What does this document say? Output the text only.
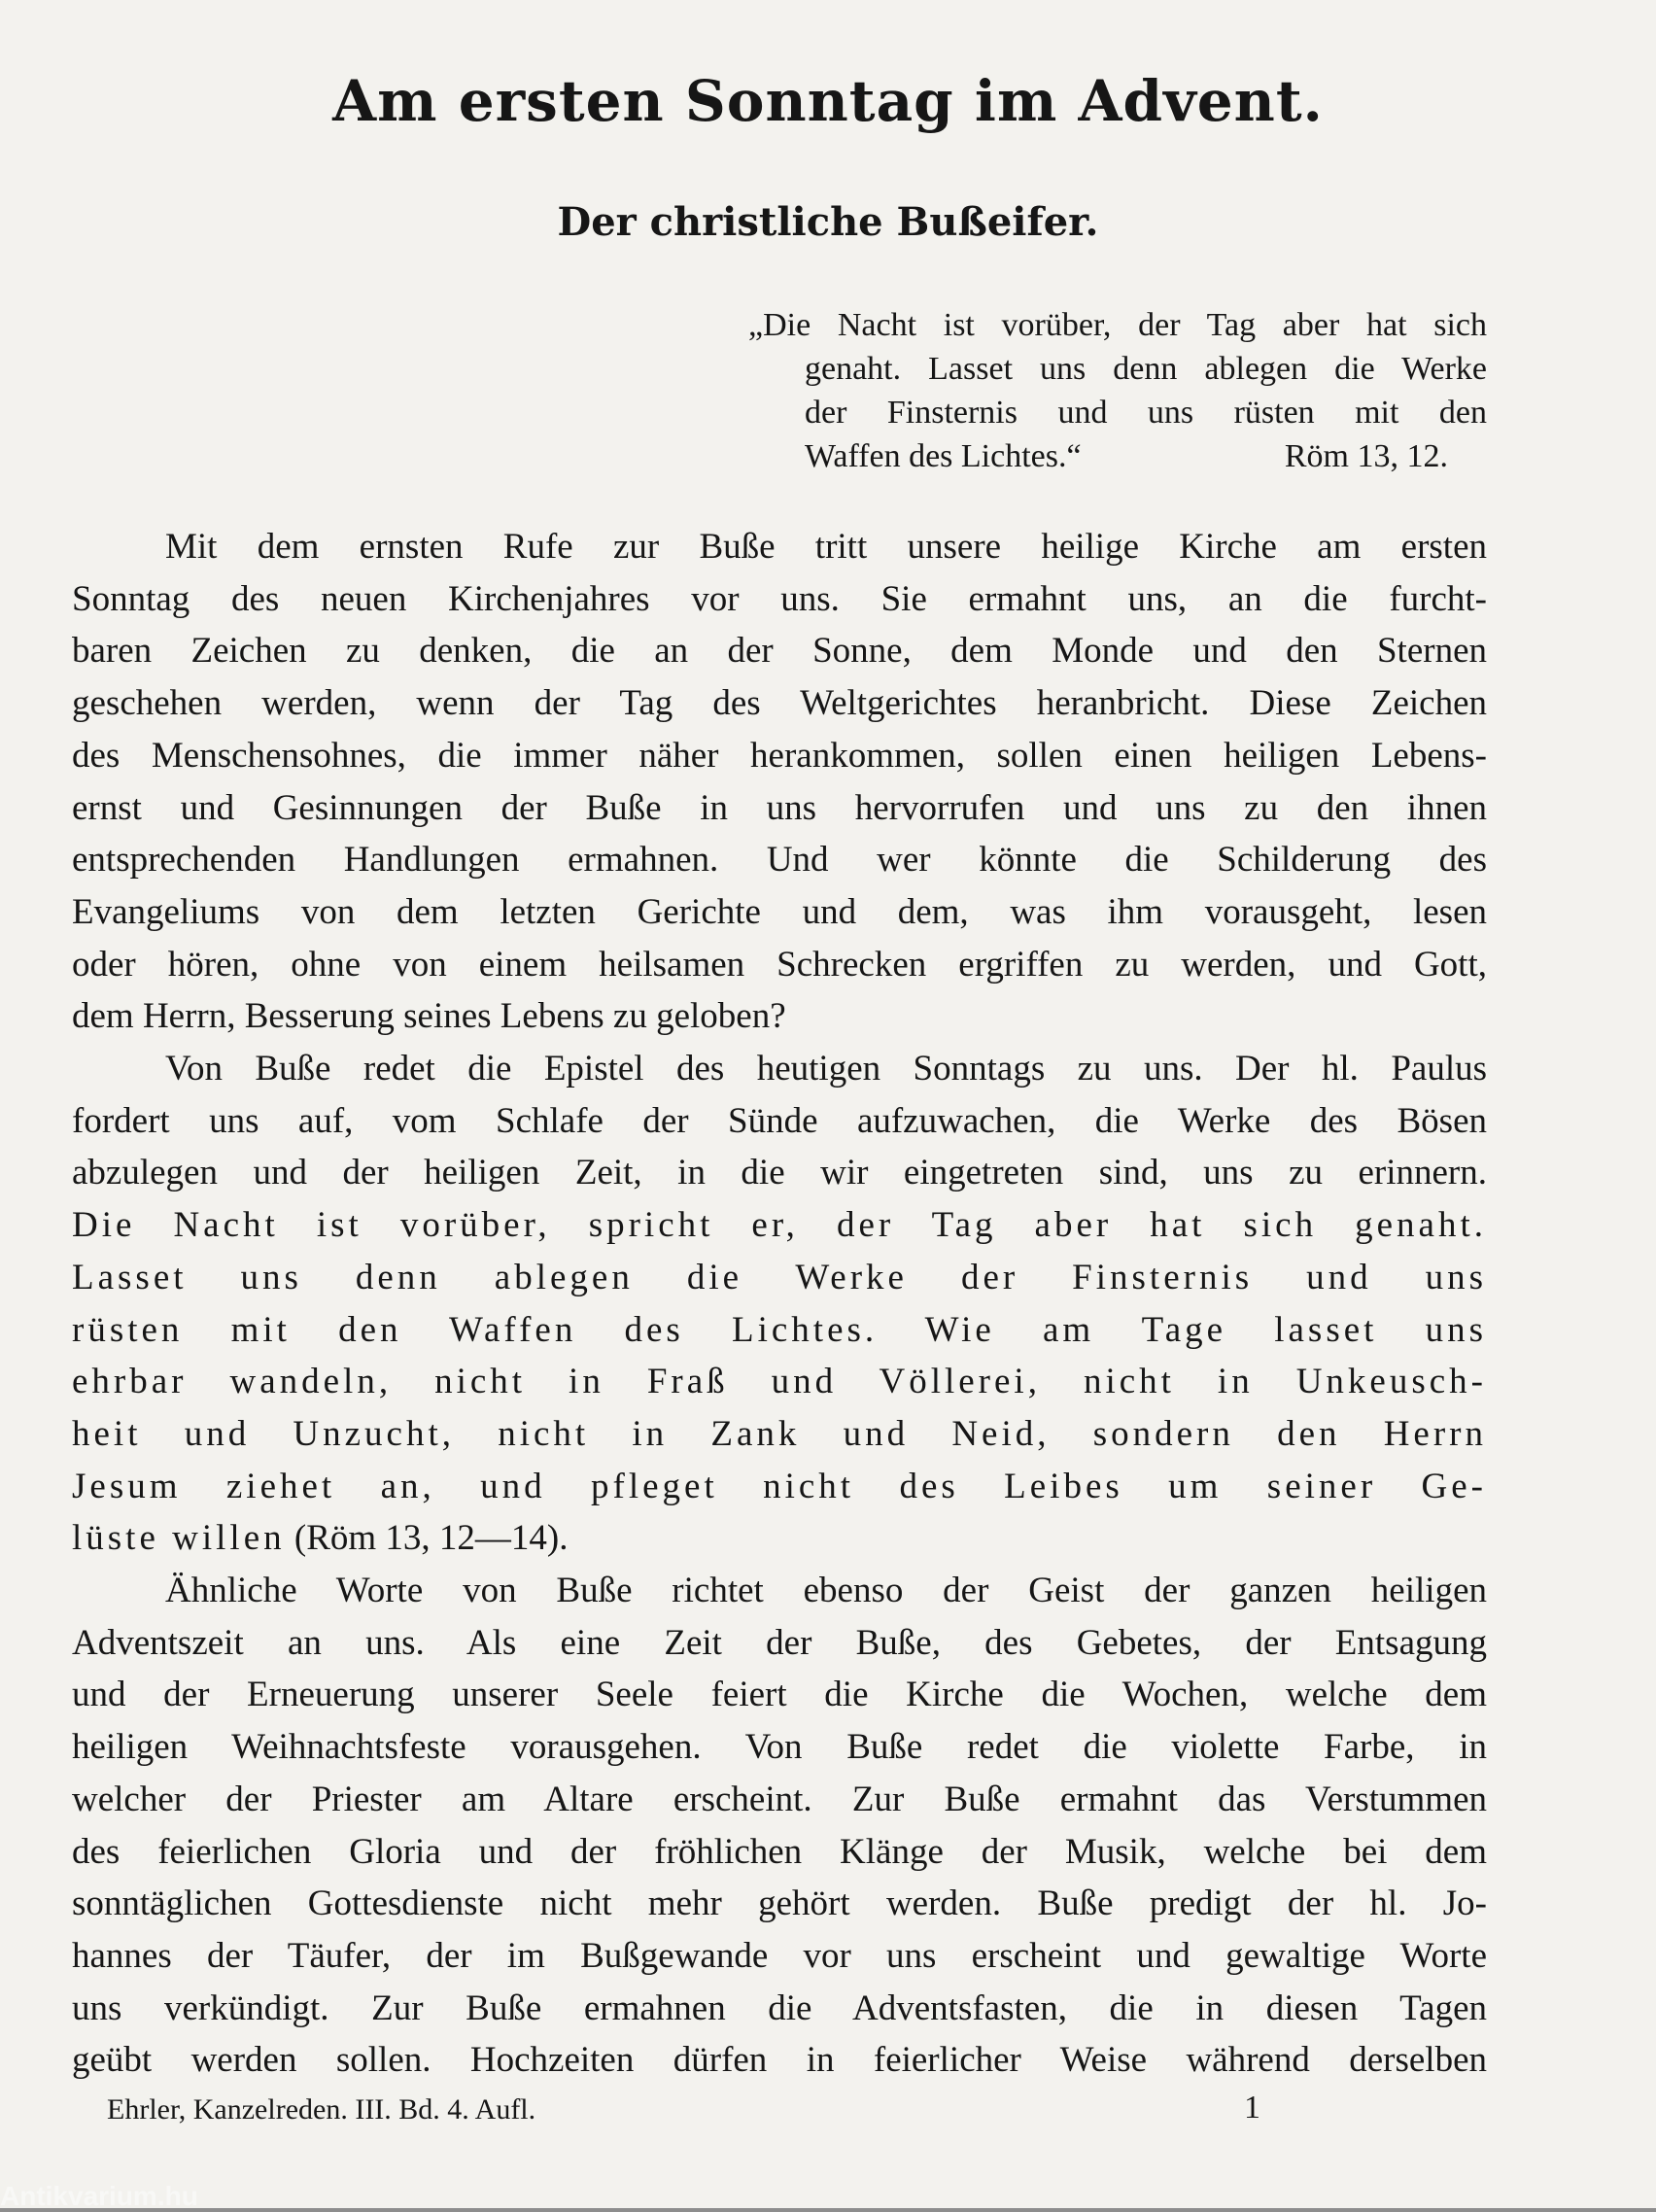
Am ersten Sonntag im Advent.
Der christliche Bußeifer.
„Die Nacht ist vorüber, der Tag aber hat sich
genaht. Lasset uns denn ablegen die Werke
der Finsternis und uns rüsten mit den
Waffen des Lichtes.“	Röm 13, 12.
Mit dem ernsten Rufe zur Buße tritt unsere heilige Kirche am ersten
Sonntag des neuen Kirchenjahres vor uns. Sie ermahnt uns, an die furcht-
baren Zeichen zu denken, die an der Sonne, dem Monde und den Sternen
geschehen werden, wenn der Tag des Weltgerichtes heranbricht. Diese Zeichen
des Menschensohnes, die immer näher herankommen, sollen einen heiligen Lebens-
ernst und Gesinnungen der Buße in uns hervorrufen und uns zu den ihnen
entsprechenden Handlungen ermahnen. Und wer könnte die Schilderung des
Evangeliums von dem letzten Gerichte und dem, was ihm vorausgeht, lesen
oder hören, ohne von einem heilsamen Schrecken ergriffen zu werden, und Gott,
dem Herrn, Besserung seines Lebens zu geloben?
Von Buße redet die Epistel des heutigen Sonntags zu uns. Der hl. Paulus
fordert uns auf, vom Schlafe der Sünde aufzuwachen, die Werke des Bösen
abzulegen und der heiligen Zeit, in die wir eingetreten sind, uns zu erinnern.
Die Nacht ist vorüber, spricht er, der Tag aber hat sich genaht.
Lasset uns denn ablegen die Werke der Finsternis und uns
rüsten mit den Waffen des Lichtes. Wie am Tage lasset uns
ehrbar wandeln, nicht in Fraß und Völlerei, nicht in Unkeusch-
heit und Unzucht, nicht in Zank und Neid, sondern den Herrn
Jesum ziehet an, und pfleget nicht des Leibes um seiner Ge-
lüste willen (Röm 13, 12—14).
Ähnliche Worte von Buße richtet ebenso der Geist der ganzen heiligen
Adventszeit an uns. Als eine Zeit der Buße, des Gebetes, der Entsagung
und der Erneuerung unserer Seele feiert die Kirche die Wochen, welche dem
heiligen Weihnachtsfeste vorausgehen. Von Buße redet die violette Farbe, in
welcher der Priester am Altare erscheint. Zur Buße ermahnt das Verstummen
des feierlichen Gloria und der fröhlichen Klänge der Musik, welche bei dem
sonntäglichen Gottesdienste nicht mehr gehört werden. Buße predigt der hl. Jo-
hannes der Täufer, der im Bußgewande vor uns erscheint und gewaltige Worte
uns verkündigt. Zur Buße ermahnen die Adventsfasten, die in diesen Tagen
geübt werden sollen. Hochzeiten dürfen in feierlicher Weise während derselben
Ehrler, Kanzelreden. III. Bd. 4. Aufl.	1
Antikvarium.hu
